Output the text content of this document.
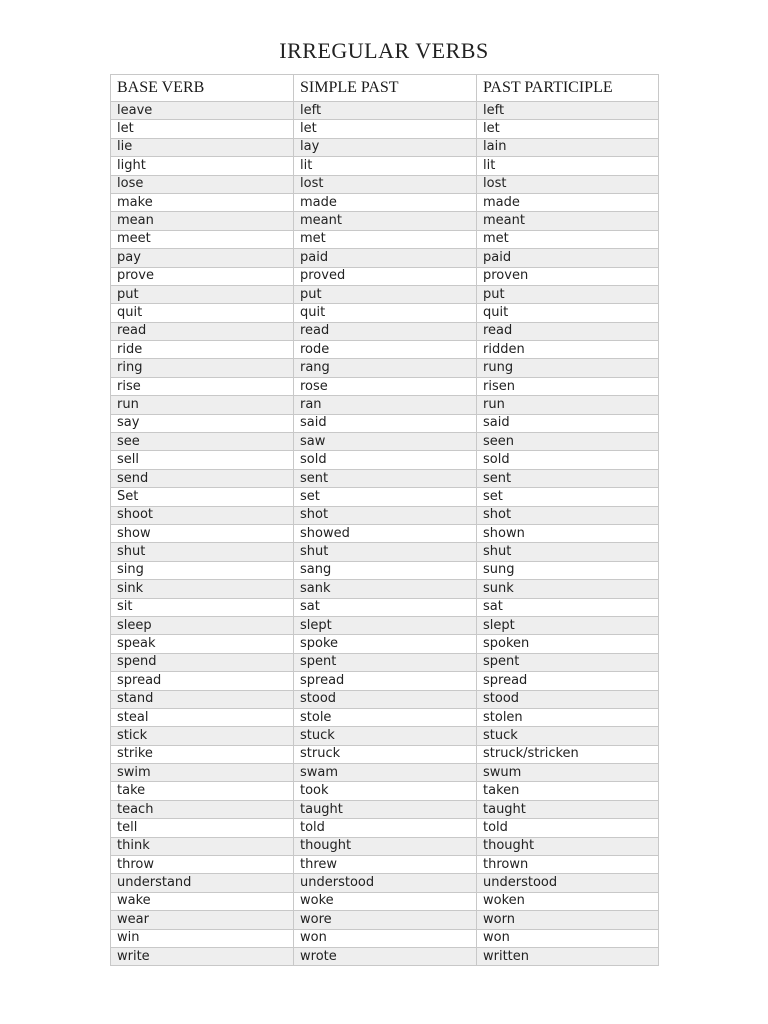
IRREGULAR VERBS
BASE VERB	SIMPLE PAST	PAST PARTICIPLE
leave	left	left
let	let	let
lie	lay	lain
light	lit	lit
lose	lost	lost
make	made	made
mean	meant	meant
meet	met	met
pay	paid	paid
prove	proved	proven
put	put	put
quit	quit	quit
read	read	read
ride	rode	ridden
ring	rang	rung
rise	rose	risen
run	ran	run
say	said	said
see	saw	seen
sell	sold	sold
send	sent	sent
Set	set	set
shoot	shot	shot
show	showed	shown
shut	shut	shut
sing	sang	sung
sink	sank	sunk
sit	sat	sat
sleep	slept	slept
speak	spoke	spoken
spend	spent	spent
spread	spread	spread
stand	stood	stood
steal	stole	stolen
stick	stuck	stuck
strike	struck	struck/stricken
swim	swam	swum
take	took	taken
teach	taught	taught
tell	told	told
think	thought	thought
throw	threw	thrown
understand	understood	understood
wake	woke	woken
wear	wore	worn
win	won	won
write	wrote	written
